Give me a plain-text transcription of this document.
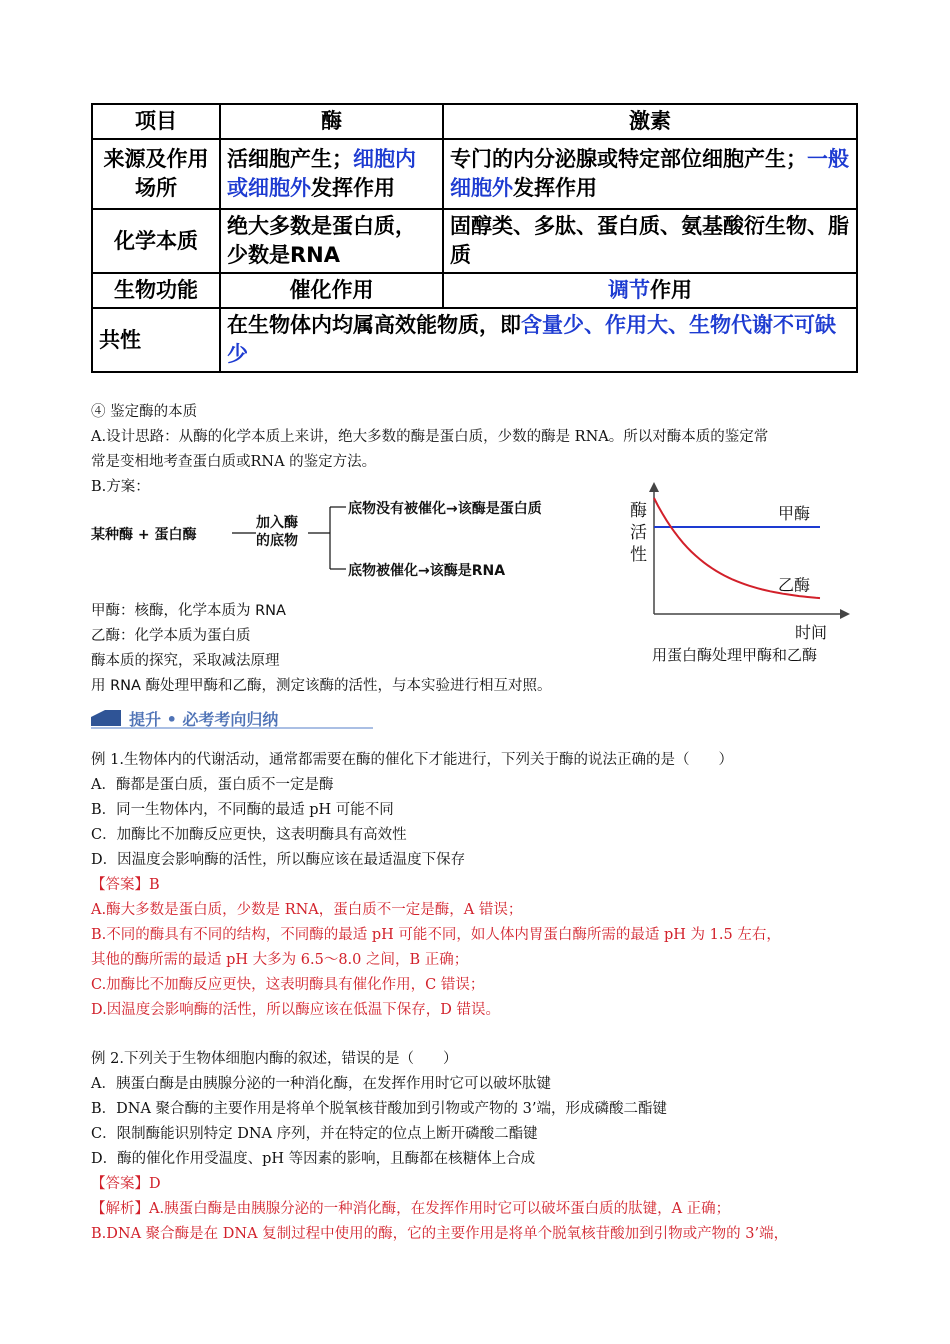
项目	酶	激素
来源及作用场所	活细胞产生；细胞内或细胞外发挥作用	专门的内分泌腺或特定部位细胞产生；一般细胞外发挥作用
化学本质	绝大多数是蛋白质，少数是RNA	固醇类、多肽、蛋白质、氨基酸衍生物、脂质
生物功能	催化作用	调节作用
共性	在生物体内均属高效能物质，即含量少、作用大、生物代谢不可缺少	
④ 鉴定酶的本质
A.设计思路：从酶的化学本质上来讲，绝大多数的酶是蛋白质，少数的酶是 RNA。所以对酶本质的鉴定常
常是变相地考查蛋白质或RNA 的鉴定方法。
B.方案：
某种酶 + 蛋白酶
加入酶
的底物
底物没有被催化→该酶是蛋白质
底物被催化→该酶是RNA
酶
活
性
时间
用蛋白酶处理甲酶和乙酶
甲酶
乙酶
甲酶：核酶，化学本质为 RNA
乙酶：化学本质为蛋白质
酶本质的探究，采取减法原理
用 RNA 酶处理甲酶和乙酶，测定该酶的活性，与本实验进行相互对照。
提升 • 必考考向归纳
例 1.生物体内的代谢活动，通常都需要在酶的催化下才能进行，下列关于酶的说法正确的是（　　）
A．酶都是蛋白质，蛋白质不一定是酶
B．同一生物体内，不同酶的最适 pH 可能不同
C．加酶比不加酶反应更快，这表明酶具有高效性
D．因温度会影响酶的活性，所以酶应该在最适温度下保存
【答案】B
A.酶大多数是蛋白质，少数是 RNA，蛋白质不一定是酶，A 错误；
B.不同的酶具有不同的结构，不同酶的最适 pH 可能不同，如人体内胃蛋白酶所需的最适 pH 为 1.5 左右，
其他的酶所需的最适 pH 大多为 6.5～8.0 之间，B 正确；
C.加酶比不加酶反应更快，这表明酶具有催化作用，C 错误；
D.因温度会影响酶的活性，所以酶应该在低温下保存，D 错误。
例 2.下列关于生物体细胞内酶的叙述，错误的是（　　）
A．胰蛋白酶是由胰腺分泌的一种消化酶，在发挥作用时它可以破坏肽键
B．DNA 聚合酶的主要作用是将单个脱氧核苷酸加到引物或产物的 3’端，形成磷酸二酯键
C．限制酶能识别特定 DNA 序列，并在特定的位点上断开磷酸二酯键
D．酶的催化作用受温度、pH 等因素的影响，且酶都在核糖体上合成
【答案】D
【解析】A.胰蛋白酶是由胰腺分泌的一种消化酶，在发挥作用时它可以破坏蛋白质的肽键，A 正确；
B.DNA 聚合酶是在 DNA 复制过程中使用的酶，它的主要作用是将单个脱氧核苷酸加到引物或产物的 3’端，
